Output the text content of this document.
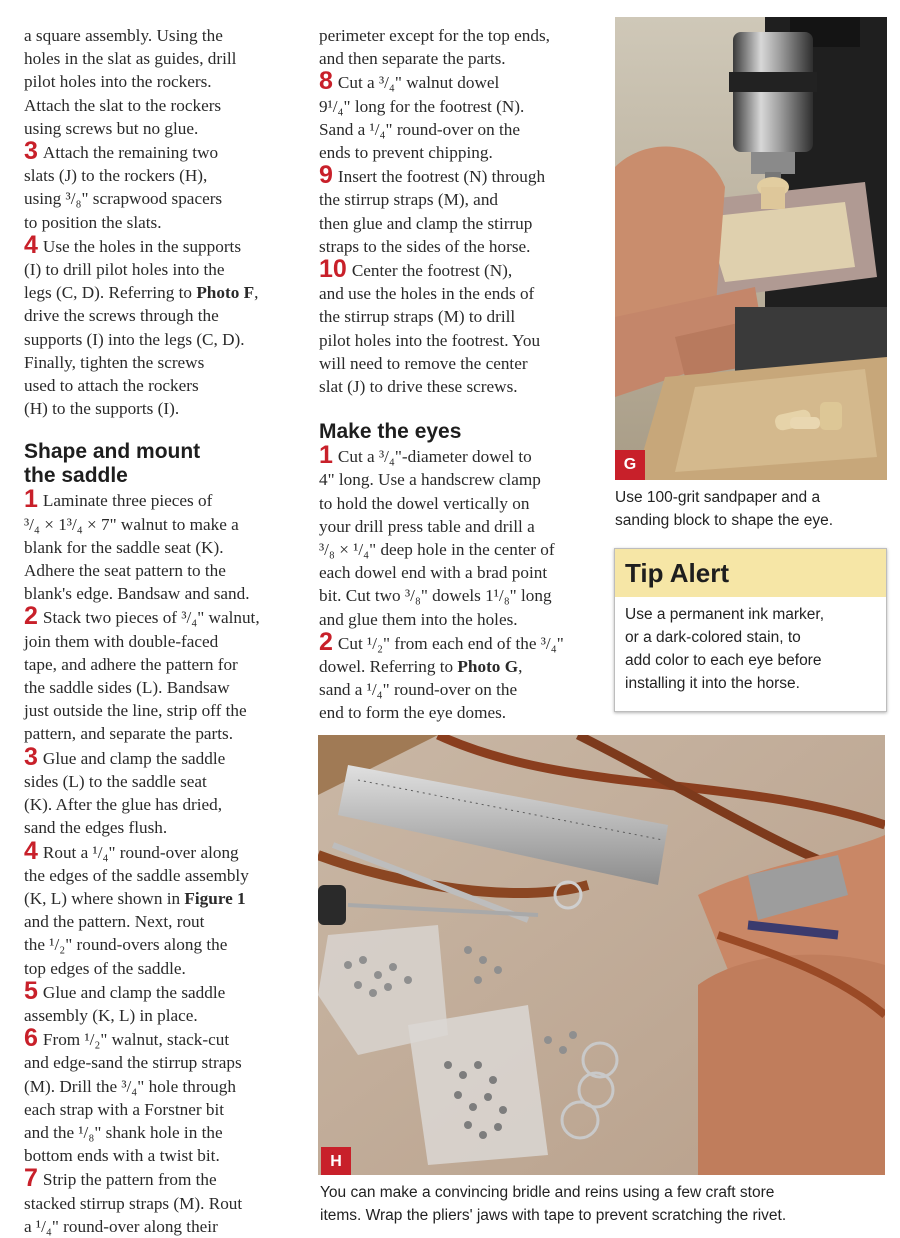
a square assembly. Using the

holes in the slat as guides, drill

pilot holes into the rockers.

Attach the slat to the rockers

using screws but no glue.

3 Attach the remaining two

slats (J) to the rockers (H),

using ³/₈" scrapwood spacers

to position the slats.

4 Use the holes in the supports

(I) to drill pilot holes into the

legs (C, D). Referring to Photo F,

drive the screws through the

supports (I) into the legs (C, D).

Finally, tighten the screws

used to attach the rockers

(H) to the supports (I).

Shape and mount

the saddle

1 Laminate three pieces of

³/₄ × 1³/₄ × 7" walnut to make a

blank for the saddle seat (K).

Adhere the seat pattern to the

blank's edge. Bandsaw and sand.

2 Stack two pieces of ³/₄" walnut,

join them with double-faced

tape, and adhere the pattern for

the saddle sides (L). Bandsaw

just outside the line, strip off the

pattern, and separate the parts.

3 Glue and clamp the saddle

sides (L) to the saddle seat

(K). After the glue has dried,

sand the edges flush.

4 Rout a ¹/₄" round-over along

the edges of the saddle assembly

(K, L) where shown in Figure 1

and the pattern. Next, rout

the ¹/₂" round-overs along the

top edges of the saddle.

5 Glue and clamp the saddle

assembly (K, L) in place.

6 From ¹/₂" walnut, stack-cut

and edge-sand the stirrup straps

(M). Drill the ³/₄" hole through

each strap with a Forstner bit

and the ¹/₈" shank hole in the

bottom ends with a twist bit.

7 Strip the pattern from the

stacked stirrup straps (M). Rout

a ¹/₄" round-over along their

perimeter except for the top ends,

and then separate the parts.

8 Cut a ³/₄" walnut dowel

9¹/₄" long for the footrest (N).

Sand a ¹/₄" round-over on the

ends to prevent chipping.

9 Insert the footrest (N) through

the stirrup straps (M), and

then glue and clamp the stirrup

straps to the sides of the horse.

10 Center the footrest (N),

and use the holes in the ends of

the stirrup straps (M) to drill

pilot holes into the footrest. You

will need to remove the center

slat (J) to drive these screws.

Make the eyes

1 Cut a ³/₄"-diameter dowel to

4" long. Use a handscrew clamp

to hold the dowel vertically on

your drill press table and drill a

³/₈ × ¹/₄" deep hole in the center of

each dowel end with a brad point

bit. Cut two ³/₈" dowels 1¹/₈" long

and glue them into the holes.

2 Cut ¹/₂" from each end of the ³/₄"

dowel. Referring to Photo G,

sand a ¹/₄" round-over on the

end to form the eye domes.

G
Use 100-grit sandpaper and a
sanding block to shape the eye.
Tip Alert
Use a permanent ink marker,
or a dark-colored stain, to
add color to each eye before
installing it into the horse.
H
You can make a convincing bridle and reins using a few craft store
items. Wrap the pliers' jaws with tape to prevent scratching the rivet.
